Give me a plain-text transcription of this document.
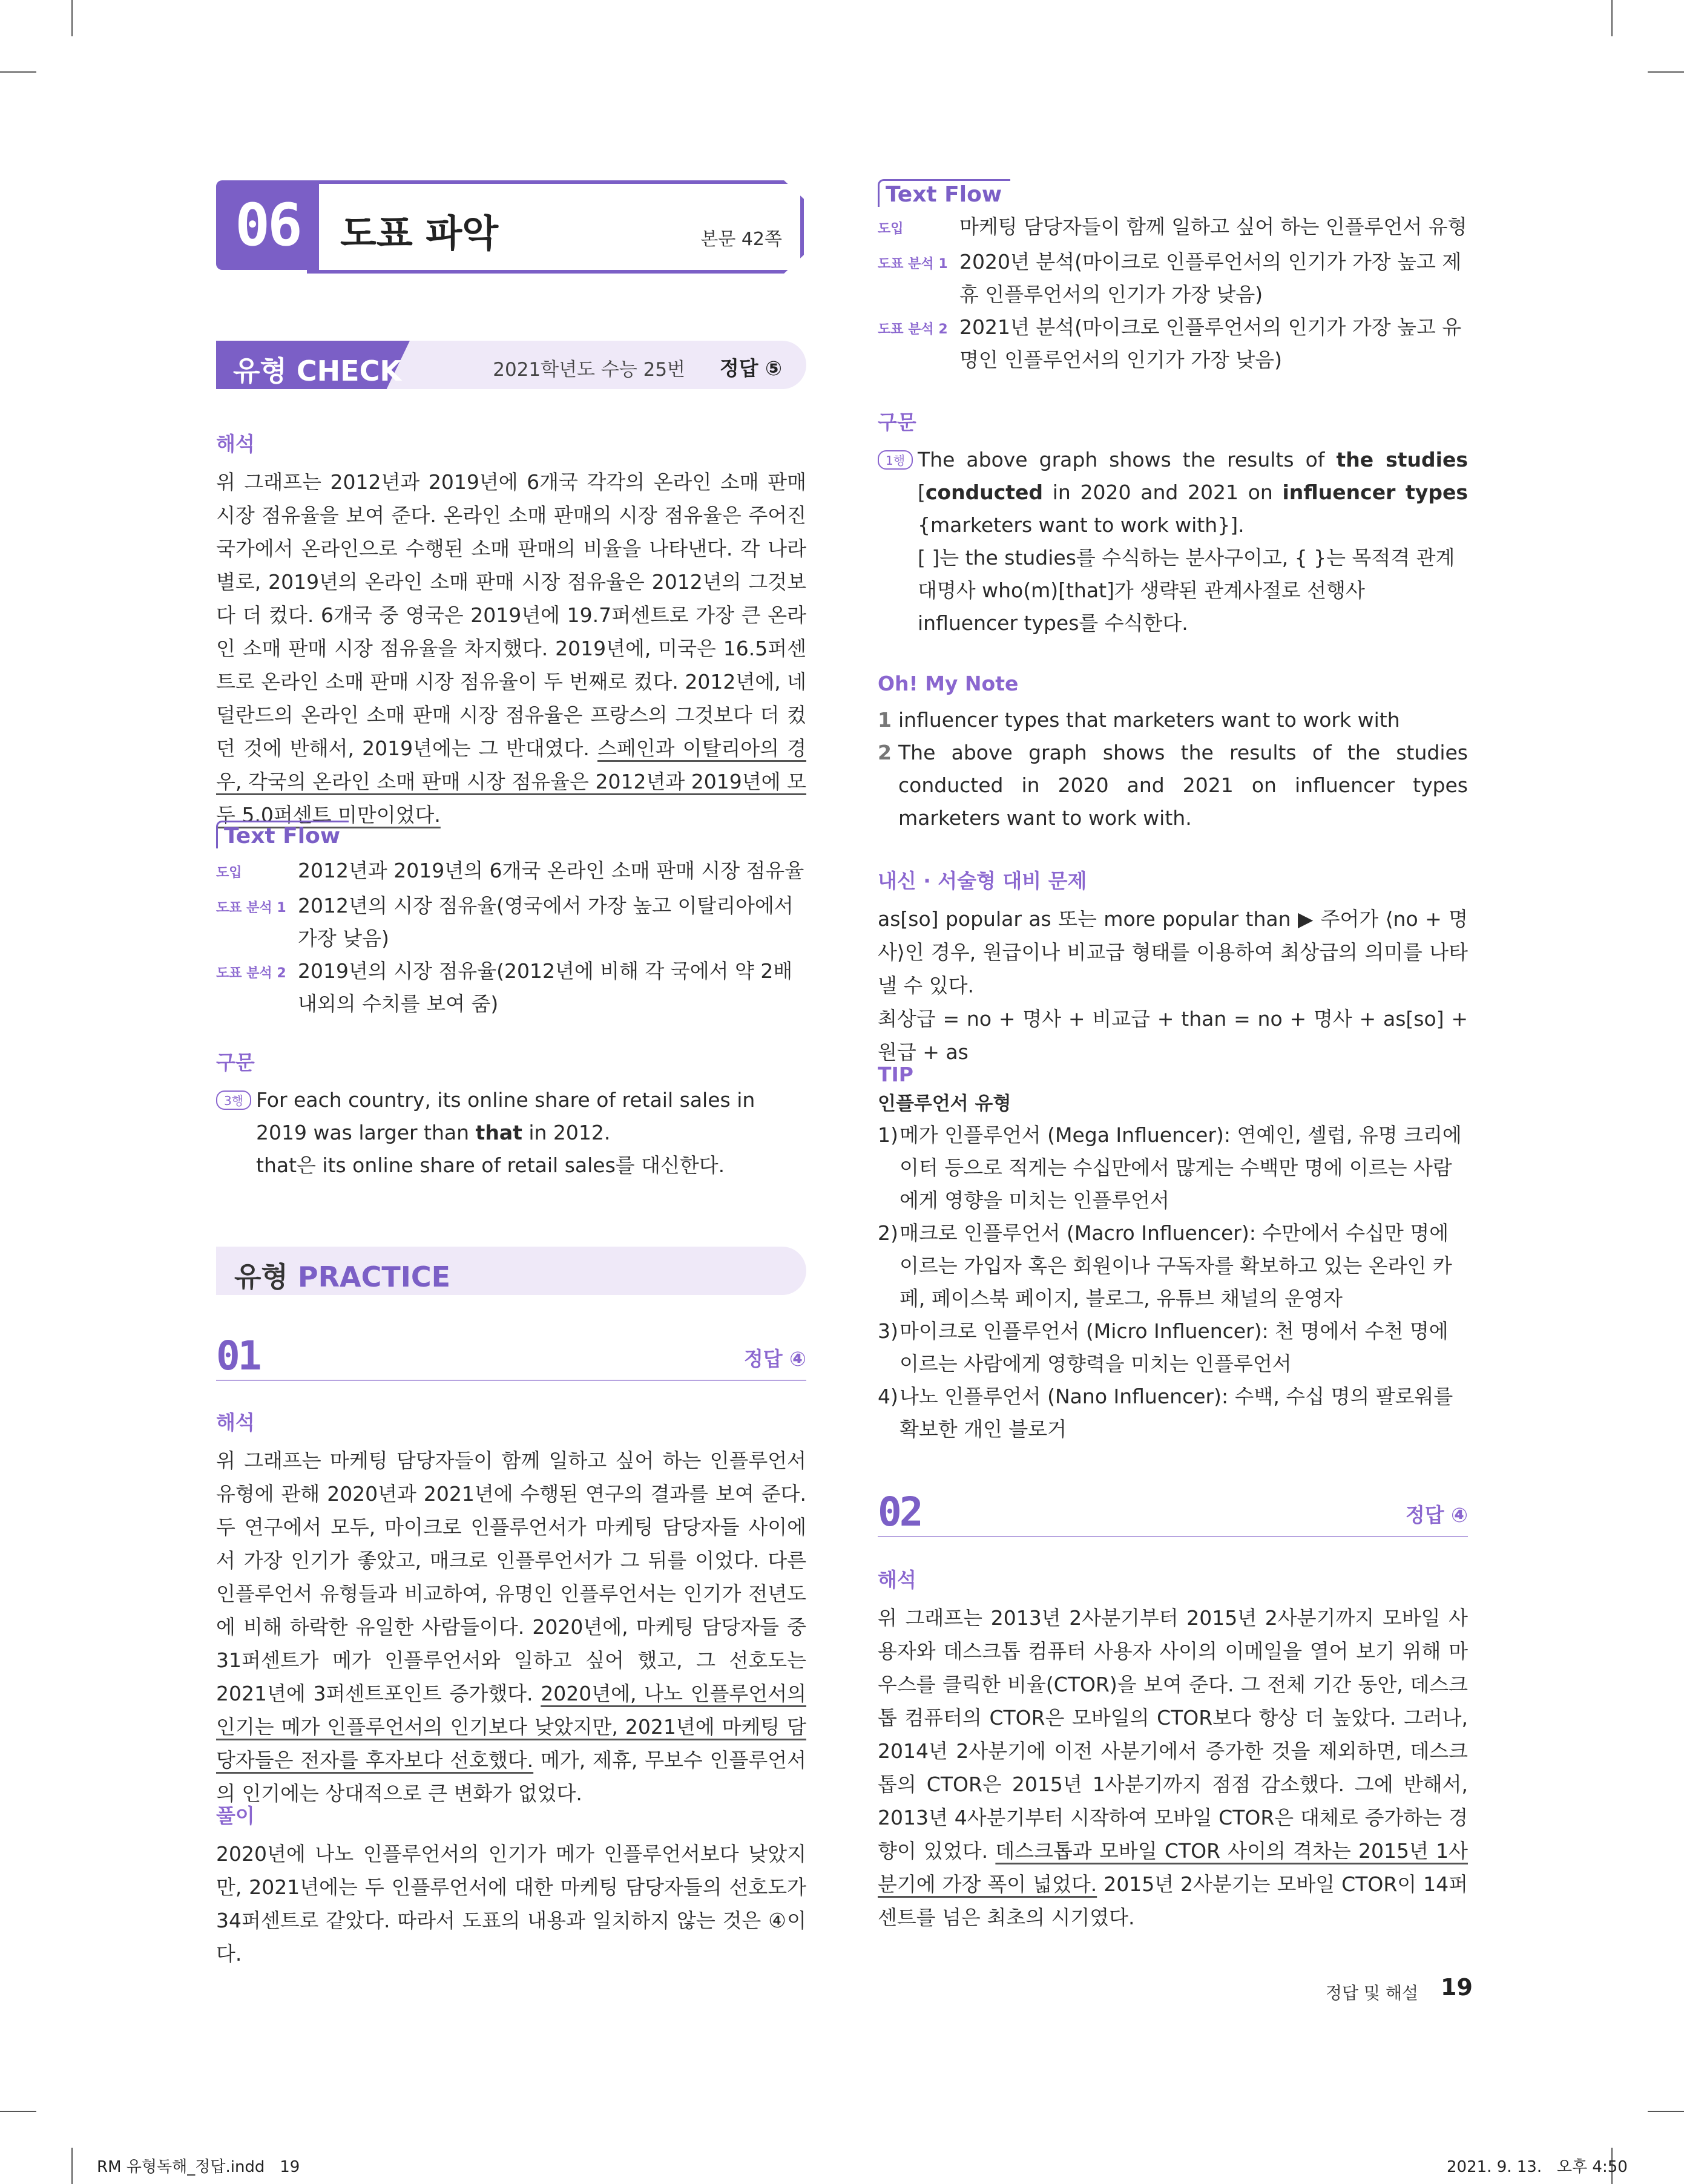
06	도표 파악	본문 42쪽
유형 CHECK	2021학년도 수능 25번 정답 ⑤
해석

위 그래프는 2012년과 2019년에 6개국 각각의 온라인 소매 판매 시장 점유율을 보여 준다. 온라인 소매 판매의 시장 점유율은 주어진 국가에서 온라인으로 수행된 소매 판매의 비율을 나타낸다. 각 나라별로, 2019년의 온라인 소매 판매 시장 점유율은 2012년의 그것보다 더 컸다. 6개국 중 영국은 2019년에 19.7퍼센트로 가장 큰 온라인 소매 판매 시장 점유율을 차지했다. 2019년에, 미국은 16.5퍼센트로 온라인 소매 판매 시장 점유율이 두 번째로 컸다. 2012년에, 네덜란드의 온라인 소매 판매 시장 점유율은 프랑스의 그것보다 더 컸던 것에 반해서, 2019년에는 그 반대였다. 스페인과 이탈리아의 경우, 각국의 온라인 소매 판매 시장 점유율은 2012년과 2019년에 모두 5.0퍼센트 미만이었다.

Text Flow
도입	2012년과 2019년의 6개국 온라인 소매 판매 시장 점유율
도표 분석 1 2012년의 시장 점유율(영국에서 가장 높고 이탈리아에서 가장 낮음)
도표 분석 2 2019년의 시장 점유율(2012년에 비해 각 국에서 약 2배 내외의 수치를 보여 줌)
구문
3행 For each country, its online share of retail sales in 2019 was larger than that in 2012.
that은 its online share of retail sales를 대신한다.
유형 PRACTICE
01	정답 ④
해석

위 그래프는 마케팅 담당자들이 함께 일하고 싶어 하는 인플루언서 유형에 관해 2020년과 2021년에 수행된 연구의 결과를 보여 준다. 두 연구에서 모두, 마이크로 인플루언서가 마케팅 담당자들 사이에서 가장 인기가 좋았고, 매크로 인플루언서가 그 뒤를 이었다. 다른 인플루언서 유형들과 비교하여, 유명인 인플루언서는 인기가 전년도에 비해 하락한 유일한 사람들이다. 2020년에, 마케팅 담당자들 중 31퍼센트가 메가 인플루언서와 일하고 싶어 했고, 그 선호도는 2021년에 3퍼센트포인트 증가했다. 2020년에, 나노 인플루언서의 인기는 메가 인플루언서의 인기보다 낮았지만, 2021년에 마케팅 담당자들은 전자를 후자보다 선호했다. 메가, 제휴, 무보수 인플루언서의 인기에는 상대적으로 큰 변화가 없었다.

풀이

2020년에 나노 인플루언서의 인기가 메가 인플루언서보다 낮았지만, 2021년에는 두 인플루언서에 대한 마케팅 담당자들의 선호도가 34퍼센트로 같았다. 따라서 도표의 내용과 일치하지 않는 것은 ④이다.

Text Flow
도입	마케팅 담당자들이 함께 일하고 싶어 하는 인플루언서 유형
도표 분석 1 2020년 분석(마이크로 인플루언서의 인기가 가장 높고 제휴 인플루언서의 인기가 가장 낮음)
도표 분석 2 2021년 분석(마이크로 인플루언서의 인기가 가장 높고 유명인 인플루언서의 인기가 가장 낮음)
구문
1행 The above graph shows the results of the studies [conducted in 2020 and 2021 on influencer types {marketers want to work with}].
[ ]는 the studies를 수식하는 분사구이고, { }는 목적격 관계대명사 who(m)[that]가 생략된 관계사절로 선행사 influencer types를 수식한다.
Oh! My Note
1 influencer types that marketers want to work with
2 The above graph shows the results of the studies conducted in 2020 and 2021 on influencer types marketers want to work with.
내신 · 서술형 대비 문제

as[so] popular as 또는 more popular than ▶ 주어가 ⟨no + 명사⟩인 경우, 원급이나 비교급 형태를 이용하여 최상급의 의미를 나타낼 수 있다.

최상급 = no + 명사 + 비교급 + than = no + 명사 + as[so] + 원급 + as

TIP
인플루언서 유형
1) 메가 인플루언서 (Mega Influencer): 연예인, 셀럽, 유명 크리에이터 등으로 적게는 수십만에서 많게는 수백만 명에 이르는 사람에게 영향을 미치는 인플루언서
2) 매크로 인플루언서 (Macro Influencer): 수만에서 수십만 명에 이르는 가입자 혹은 회원이나 구독자를 확보하고 있는 온라인 카페, 페이스북 페이지, 블로그, 유튜브 채널의 운영자
3) 마이크로 인플루언서 (Micro Influencer): 천 명에서 수천 명에 이르는 사람에게 영향력을 미치는 인플루언서
4) 나노 인플루언서 (Nano Influencer): 수백, 수십 명의 팔로워를 확보한 개인 블로거
02	정답 ④
해석

위 그래프는 2013년 2사분기부터 2015년 2사분기까지 모바일 사용자와 데스크톱 컴퓨터 사용자 사이의 이메일을 열어 보기 위해 마우스를 클릭한 비율(CTOR)을 보여 준다. 그 전체 기간 동안, 데스크톱 컴퓨터의 CTOR은 모바일의 CTOR보다 항상 더 높았다. 그러나, 2014년 2사분기에 이전 사분기에서 증가한 것을 제외하면, 데스크톱의 CTOR은 2015년 1사분기까지 점점 감소했다. 그에 반해서, 2013년 4사분기부터 시작하여 모바일 CTOR은 대체로 증가하는 경향이 있었다. 데스크톱과 모바일 CTOR 사이의 격차는 2015년 1사분기에 가장 폭이 넓었다. 2015년 2사분기는 모바일 CTOR이 14퍼센트를 넘은 최초의 시기였다.

정답 및 해설 19
RM 유형독해_정답.indd   19	2021. 9. 13.   오후 4:50
